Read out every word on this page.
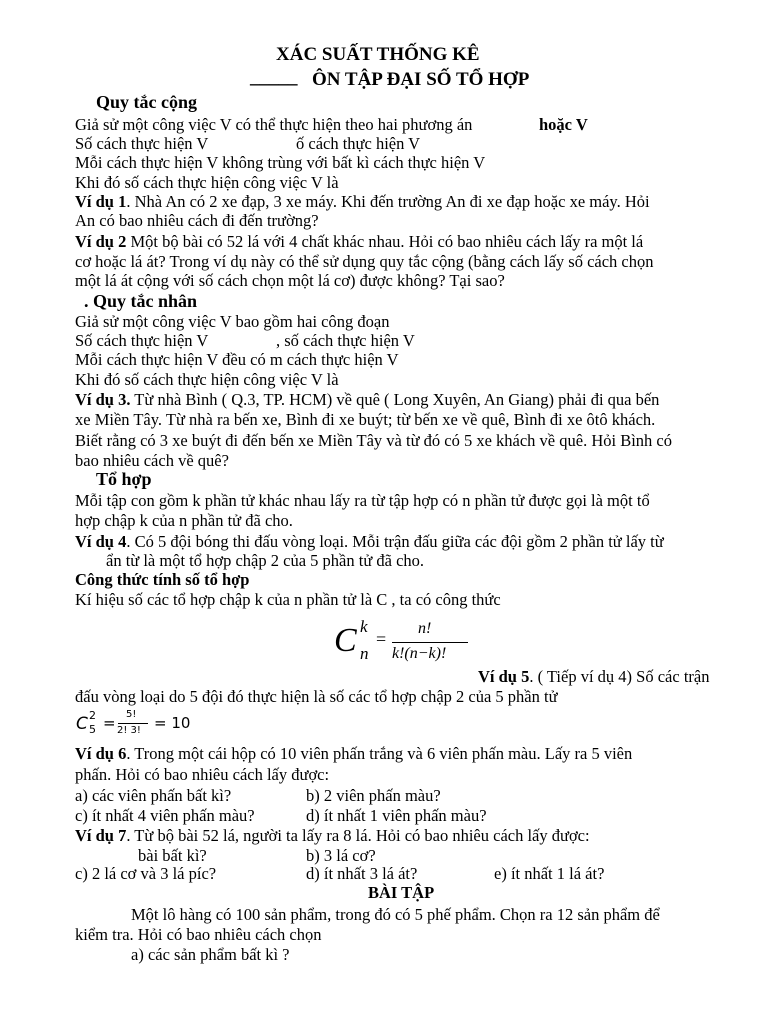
XÁC SUẤT THỐNG KÊ
_____ ÔN TẬP ĐẠI SỐ TỔ HỢP
Quy tắc cộng
Giả sử một công việc V có thể thực hiện theo hai phương án	hoặc V
Số cách thực hiện V	ố cách thực hiện V
Mỗi cách thực hiện V không trùng với bất kì cách thực hiện V
Khi đó số cách thực hiện công việc V là
Ví dụ 1. Nhà An có 2 xe đạp, 3 xe máy. Khi đến trường An đi xe đạp hoặc xe máy. Hỏi
An có bao nhiêu cách đi đến trường?
Ví dụ 2 Một bộ bài có 52 lá với 4 chất khác nhau. Hỏi có bao nhiêu cách lấy ra một lá
cơ hoặc lá át? Trong ví dụ này có thể sử dụng quy tắc cộng (bằng cách lấy số cách chọn
một lá át cộng với số cách chọn một lá cơ) được không? Tại sao?
. Quy tắc nhân
Giả sử một công việc V bao gồm hai công đoạn
Số cách thực hiện V	, số cách thực hiện V
Mỗi cách thực hiện V đều có m cách thực hiện V
Khi đó số cách thực hiện công việc V là
Ví dụ 3. Từ nhà Bình ( Q.3, TP. HCM) về quê ( Long Xuyên, An Giang) phải đi qua bến
xe Miền Tây. Từ nhà ra bến xe, Bình đi xe buýt; từ bến xe về quê, Bình đi xe ôtô khách.
Biết rằng có 3 xe buýt đi đến bến xe Miền Tây và từ đó có 5 xe khách về quê. Hỏi Bình có
bao nhiêu cách về quê?
Tổ hợp
Mỗi tập con gồm k phần tử khác nhau lấy ra từ tập hợp có n phần tử được gọi là một tổ
hợp chập k của n phần tử đã cho.
Ví dụ 4. Có 5 đội bóng thi đấu vòng loại. Mỗi trận đấu giữa các đội gồm 2 phần tử lấy từ
ẩn từ là một tổ hợp chập 2 của 5 phần tử đã cho.
Công thức tính số tổ hợp
Kí hiệu số các tổ hợp chập k của n phần tử là C , ta có công thức
C k
n
=
n!
k!(n−k)!
Ví dụ 5. ( Tiếp ví dụ 4) Số các trận
đấu vòng loại do 5 đội đó thực hiện là số các tổ hợp chập 2 của 5 phần tử
C 2
5 = 5!
2! 3! = 10
Ví dụ 6. Trong một cái hộp có 10 viên phấn trắng và 6 viên phấn màu. Lấy ra 5 viên
phấn. Hỏi có bao nhiêu cách lấy được:
a) các viên phấn bất kì?	b) 2 viên phấn màu?
c) ít nhất 4 viên phấn màu?	d) ít nhất 1 viên phấn màu?
Ví dụ 7. Từ bộ bài 52 lá, người ta lấy ra 8 lá. Hỏi có bao nhiêu cách lấy được:
bài bất kì?	b) 3 lá cơ?
c) 2 lá cơ và 3 lá píc?	d) ít nhất 3 lá át?	e) ít nhất 1 lá át?
BÀI TẬP
Một lô hàng có 100 sản phẩm, trong đó có 5 phế phẩm. Chọn ra 12 sản phẩm để
kiểm tra. Hỏi có bao nhiêu cách chọn
a) các sản phẩm bất kì ?
